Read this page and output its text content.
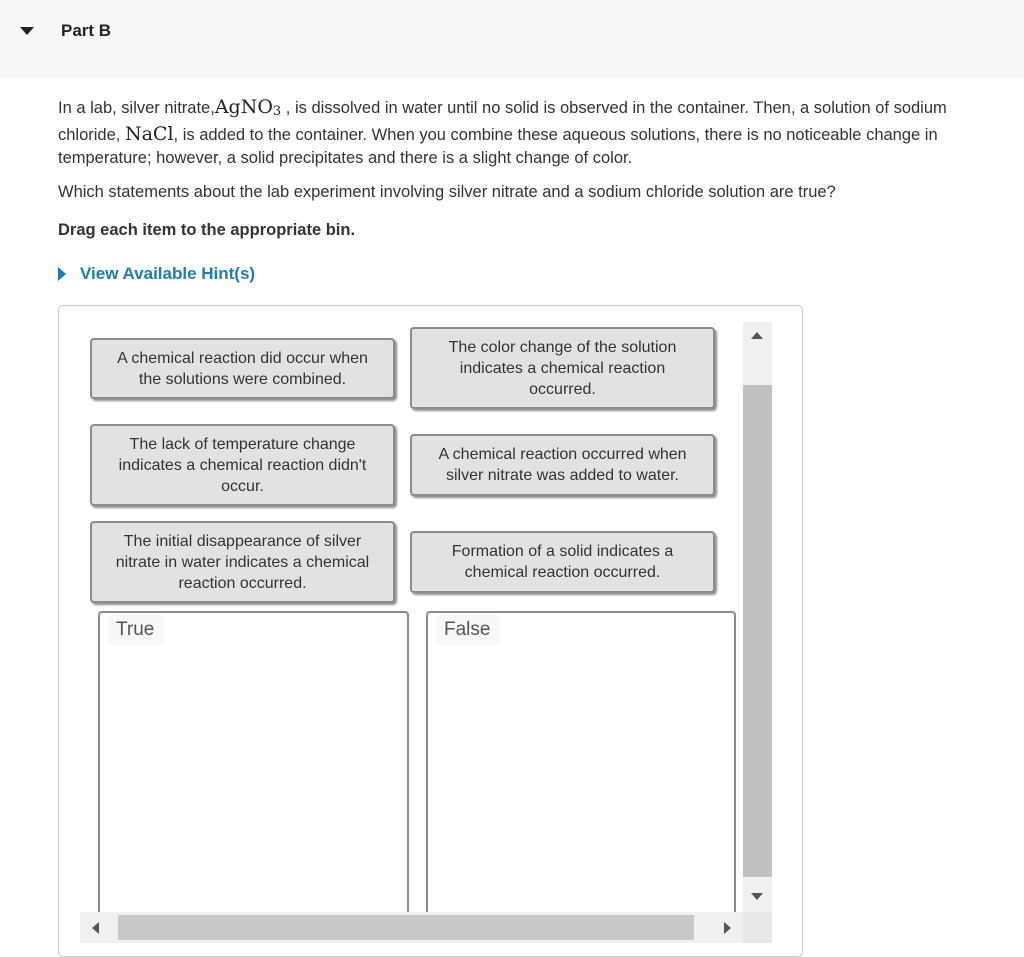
Part B
In a lab, silver nitrate,AgNO$_3$ , is dissolved in water until no solid is observed in the container. Then, a solution of sodium chloride, NaCl, is added to the container. When you combine these aqueous solutions, there is no noticeable change in temperature; however, a solid precipitates and there is a slight change of color.
Which statements about the lab experiment involving silver nitrate and a sodium chloride solution are true?
Drag each item to the appropriate bin.
View Available Hint(s)
A chemical reaction did occur when the solutions were combined.
The color change of the solution indicates a chemical reaction occurred.
The lack of temperature change indicates a chemical reaction didn't occur.
A chemical reaction occurred when silver nitrate was added to water.
The initial disappearance of silver nitrate in water indicates a chemical reaction occurred.
Formation of a solid indicates a chemical reaction occurred.
True	False
